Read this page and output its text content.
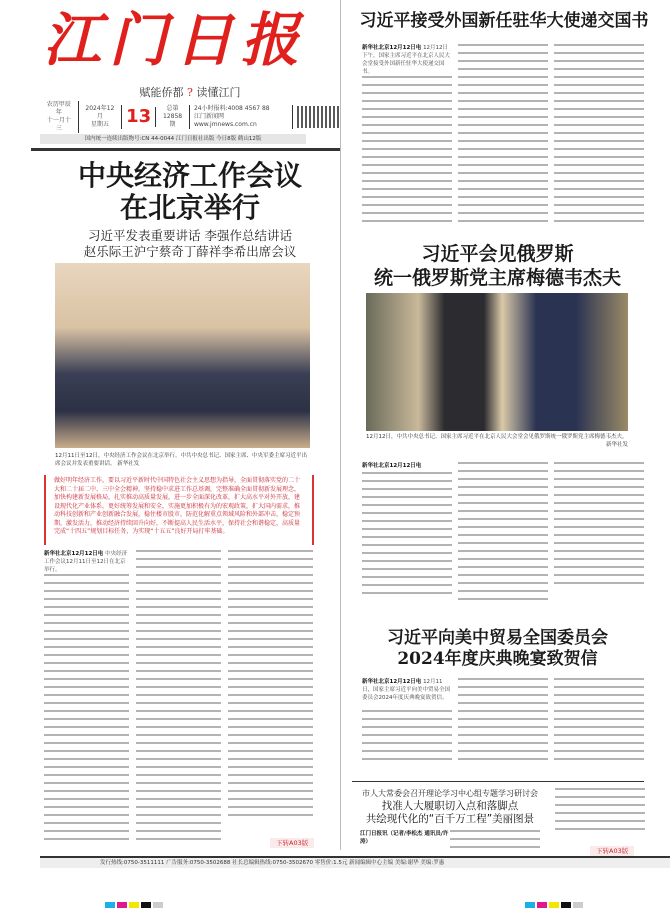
江门日报
赋能侨都 ? 读懂江门
农历甲辰年
十一月十三
2024年12月
星期五 13	总第
12858期
24小时报料:4008 4567 88
江门新闻网 www.jmnews.com.cn
国内统一连续出版物号:CN 44-0044 江门日报社出版 今日8版 鹤山12版
中央经济工作会议
在北京举行
习近平发表重要讲话 李强作总结讲话
赵乐际王沪宁蔡奇丁薛祥李希出席会议
12月11日至12日，中央经济工作会议在北京举行。中共中央总书记、国家主席、中央军委主席习近平出席会议并发表重要讲话。 新华社发
做好明年经济工作，要以习近平新时代中国特色社会主义思想为指导，全面贯彻落实党的二十大和二十届二中、三中全会精神，坚持稳中求进工作总基调，完整准确全面贯彻新发展理念，加快构建新发展格局，扎实推动高质量发展，进一步全面深化改革，扩大高水平对外开放，建设现代化产业体系，更好统筹发展和安全，实施更加积极有为的宏观政策，扩大国内需求，推动科技创新和产业创新融合发展，稳住楼市股市，防范化解重点领域风险和外部冲击，稳定预期，激发活力，推动经济持续回升向好，不断提高人民生活水平，保持社会和谐稳定，高质量完成“十四五”规划目标任务，为实现“十五五”良好开局打牢基础。
新华社北京12月12日电 中央经济工作会议12月11日至12日在北京举行。
下转A03版
习近平接受外国新任驻华大使递交国书
新华社北京12月12日电 12月12日下午，国家主席习近平在北京人民大会堂接受外国新任驻华大使递交国书。
习近平会见俄罗斯
统一俄罗斯党主席梅德韦杰夫
12月12日，中共中央总书记、国家主席习近平在北京人民大会堂会见俄罗斯统一俄罗斯党主席梅德韦杰夫。
新华社发
新华社北京12月12日电
习近平向美中贸易全国委员会
2024年度庆典晚宴致贺信
新华社北京12月12日电 12月11日，国家主席习近平向美中贸易全国委员会2024年度庆典晚宴致贺信。
市人大常委会召开理论学习中心组专题学习研讨会
找准人大履职切入点和落脚点
共绘现代化的“百千万工程”美丽图景
江门日报讯（记者/李松杰 通讯员/许涛）
下转A03版
发行热线:0750-3511111 广告服务:0750-3502688 社长总编辑热线:0750-3502670 零售价:1.5元 新闻编辑中心主编 美编:谢华 美编:罗惠
